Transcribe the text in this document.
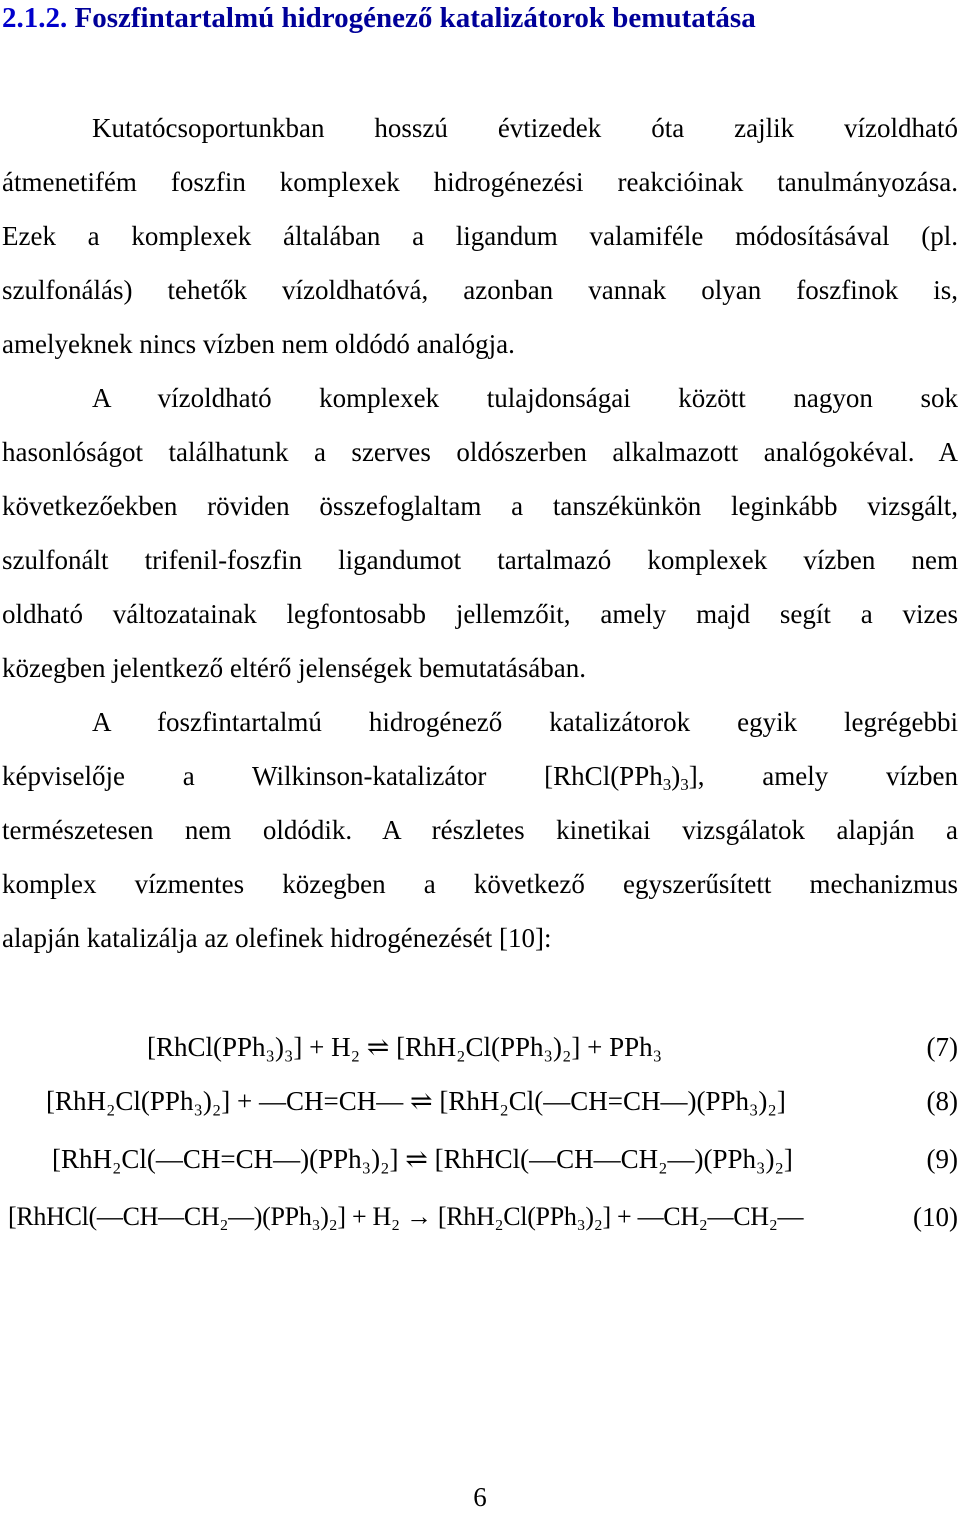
2.1.2. Foszfintartalmú hidrogénező katalizátorok bemutatása
Kutatócsoportunkban hosszú évtizedek óta zajlik vízoldható
átmenetifém foszfin komplexek hidrogénezési reakcióinak tanulmányozása.
Ezek a komplexek általában a ligandum valamiféle módosításával (pl.
szulfonálás) tehetők vízoldhatóvá, azonban vannak olyan foszfinok is,
amelyeknek nincs vízben nem oldódó analógja.
A vízoldható komplexek tulajdonságai között nagyon sok
hasonlóságot találhatunk a szerves oldószerben alkalmazott analógokéval. A
következőekben röviden összefoglaltam a tanszékünkön leginkább vizsgált,
szulfonált trifenil-foszfin ligandumot tartalmazó komplexek vízben nem
oldható változatainak legfontosabb jellemzőit, amely majd segít a vizes
közegben jelentkező eltérő jelenségek bemutatásában.
A foszfintartalmú hidrogénező katalizátorok egyik legrégebbi
képviselője a Wilkinson-katalizátor $[RhCl(PPh_3)_3]$, amely vízben
természetesen nem oldódik. A részletes kinetikai vizsgálatok alapján a
komplex vízmentes közegben a következő egyszerűsített mechanizmus
alapján katalizálja az olefinek hidrogénezését [10]:
[RhCl(PPh₃)₃] + H₂ ⇌ [RhH₂Cl(PPh₃)₂] + PPh₃	(7)
[RhH₂Cl(PPh₃)₂] + —CH=CH— ⇌ [RhH₂Cl(—CH=CH—)(PPh₃)₂]	(8)
[RhH₂Cl(—CH=CH—)(PPh₃)₂] ⇌ [RhHCl(—CH—CH₂—)(PPh₃)₂]	(9)
[RhHCl(—CH—CH₂—)(PPh₃)₂] + H₂ → [RhH₂Cl(PPh₃)₂] + —CH₂—CH₂—	(10)
6
